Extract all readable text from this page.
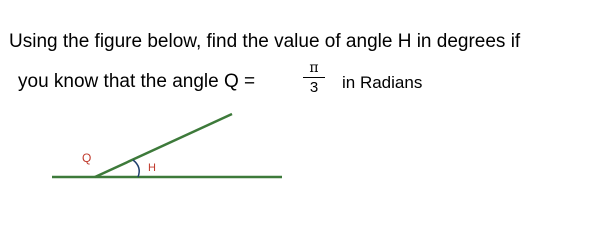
Using the figure below, find the value of angle H in degrees if
you know that the angle Q =
π
3	in Radians
Q
H
